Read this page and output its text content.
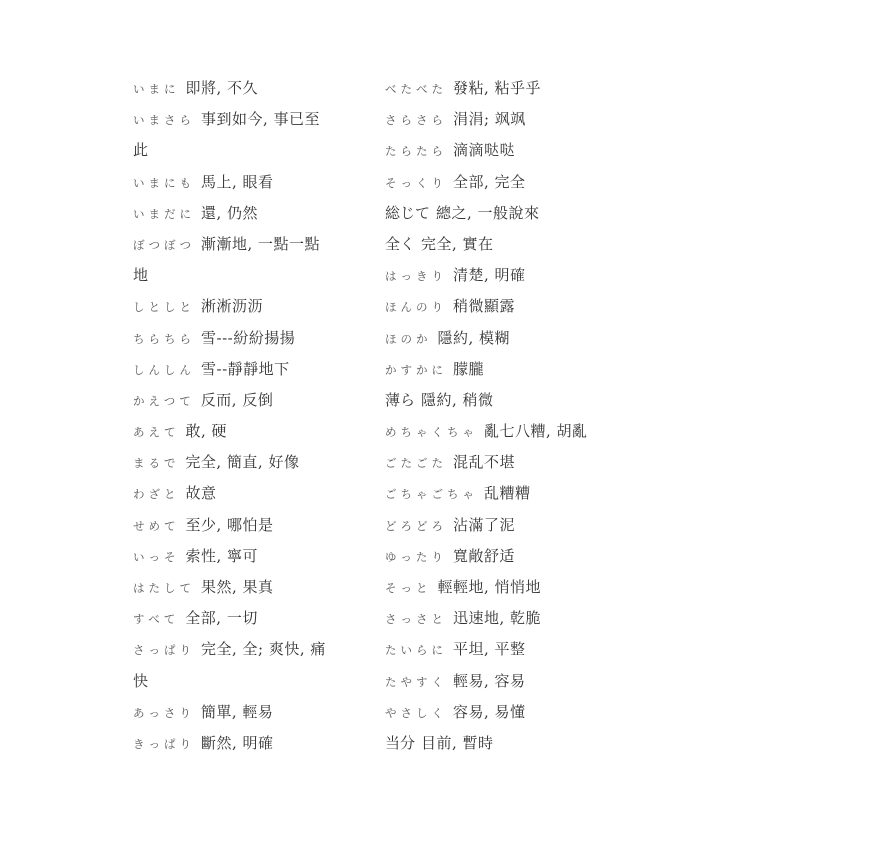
いまに 即將, 不久
いまさら 事到如今, 事已至
此
いまにも 馬上, 眼看
いまだに 還, 仍然
ぼつぼつ 漸漸地, 一點一點
地
しとしと 淅淅沥沥
ちらちら 雪---紛紛揚揚
しんしん 雪--靜靜地下
かえつて 反而, 反倒
あえて 敢, 硬
まるで 完全, 簡直, 好像
わざと 故意
せめて 至少, 哪怕是
いっそ 索性, 寧可
はたして 果然, 果真
すべて 全部, 一切
さっぱり 完全, 全; 爽快, 痛
快
あっさり 簡單, 輕易
きっぱり 斷然, 明確
べたべた 發粘, 粘乎乎
さらさら 涓涓; 飒飒
たらたら 滴滴哒哒
そっくり 全部, 完全
総じて 總之, 一般說來
全く 完全, 實在
はっきり 清楚, 明確
ほんのり 稍微顯露
ほのか 隱約, 模糊
かすかに 朦朧
薄ら 隱約, 稍微
めちゃくちゃ 亂七八糟, 胡亂
ごたごた 混乱不堪
ごちゃごちゃ 乱糟糟
どろどろ 沾滿了泥
ゆったり 寬敞舒适
そっと 輕輕地, 悄悄地
さっさと 迅速地, 乾脆
たいらに 平坦, 平整
たやすく 輕易, 容易
やさしく 容易, 易懂
当分 目前, 暫時
